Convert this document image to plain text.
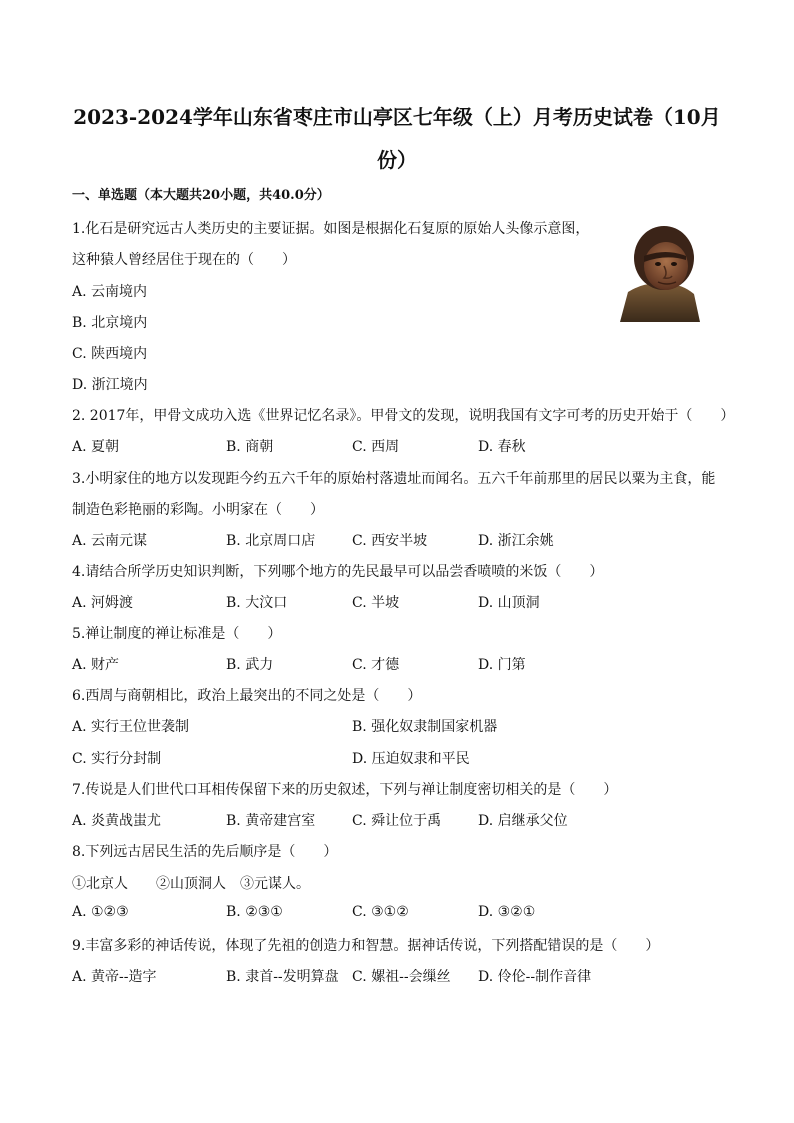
2023-2024学年山东省枣庄市山亭区七年级（上）月考历史试卷（10月份）
一、单选题（本大题共20小题，共40.0分）
1.化石是研究远古人类历史的主要证据。如图是根据化石复原的原始人头像示意图，
这种猿人曾经居住于现在的（　　）
A. 云南境内
B. 北京境内
C. 陕西境内
D. 浙江境内
2. 2017年，甲骨文成功入选《世界记忆名录》。甲骨文的发现，说明我国有文字可考的历史开始于（　　）
A. 夏朝	B. 商朝	C. 西周	D. 春秋
3.小明家住的地方以发现距今约五六千年的原始村落遗址而闻名。五六千年前那里的居民以粟为主食，能
制造色彩艳丽的彩陶。小明家在（　　）
A. 云南元谋	B. 北京周口店	C. 西安半坡	D. 浙江余姚
4.请结合所学历史知识判断，下列哪个地方的先民最早可以品尝香喷喷的米饭（　　）
A. 河姆渡	B. 大汶口	C. 半坡	D. 山顶洞
5.禅让制度的禅让标准是（　　）
A. 财产	B. 武力	C. 才德	D. 门第
6.西周与商朝相比，政治上最突出的不同之处是（　　）
A. 实行王位世袭制	B. 强化奴隶制国家机器
C. 实行分封制	D. 压迫奴隶和平民
7.传说是人们世代口耳相传保留下来的历史叙述，下列与禅让制度密切相关的是（　　）
A. 炎黄战蚩尤	B. 黄帝建宫室	C. 舜让位于禹	D. 启继承父位
8.下列远古居民生活的先后顺序是（　　）
①北京人　　②山顶洞人　③元谋人。
A. ①②③	B. ②③①	C. ③①②	D. ③②①
9.丰富多彩的神话传说，体现了先祖的创造力和智慧。据神话传说，下列搭配错误的是（　　）
A. 黄帝--造字	B. 隶首--发明算盘 C. 嫘祖--会缫丝 D. 伶伦--制作音律
